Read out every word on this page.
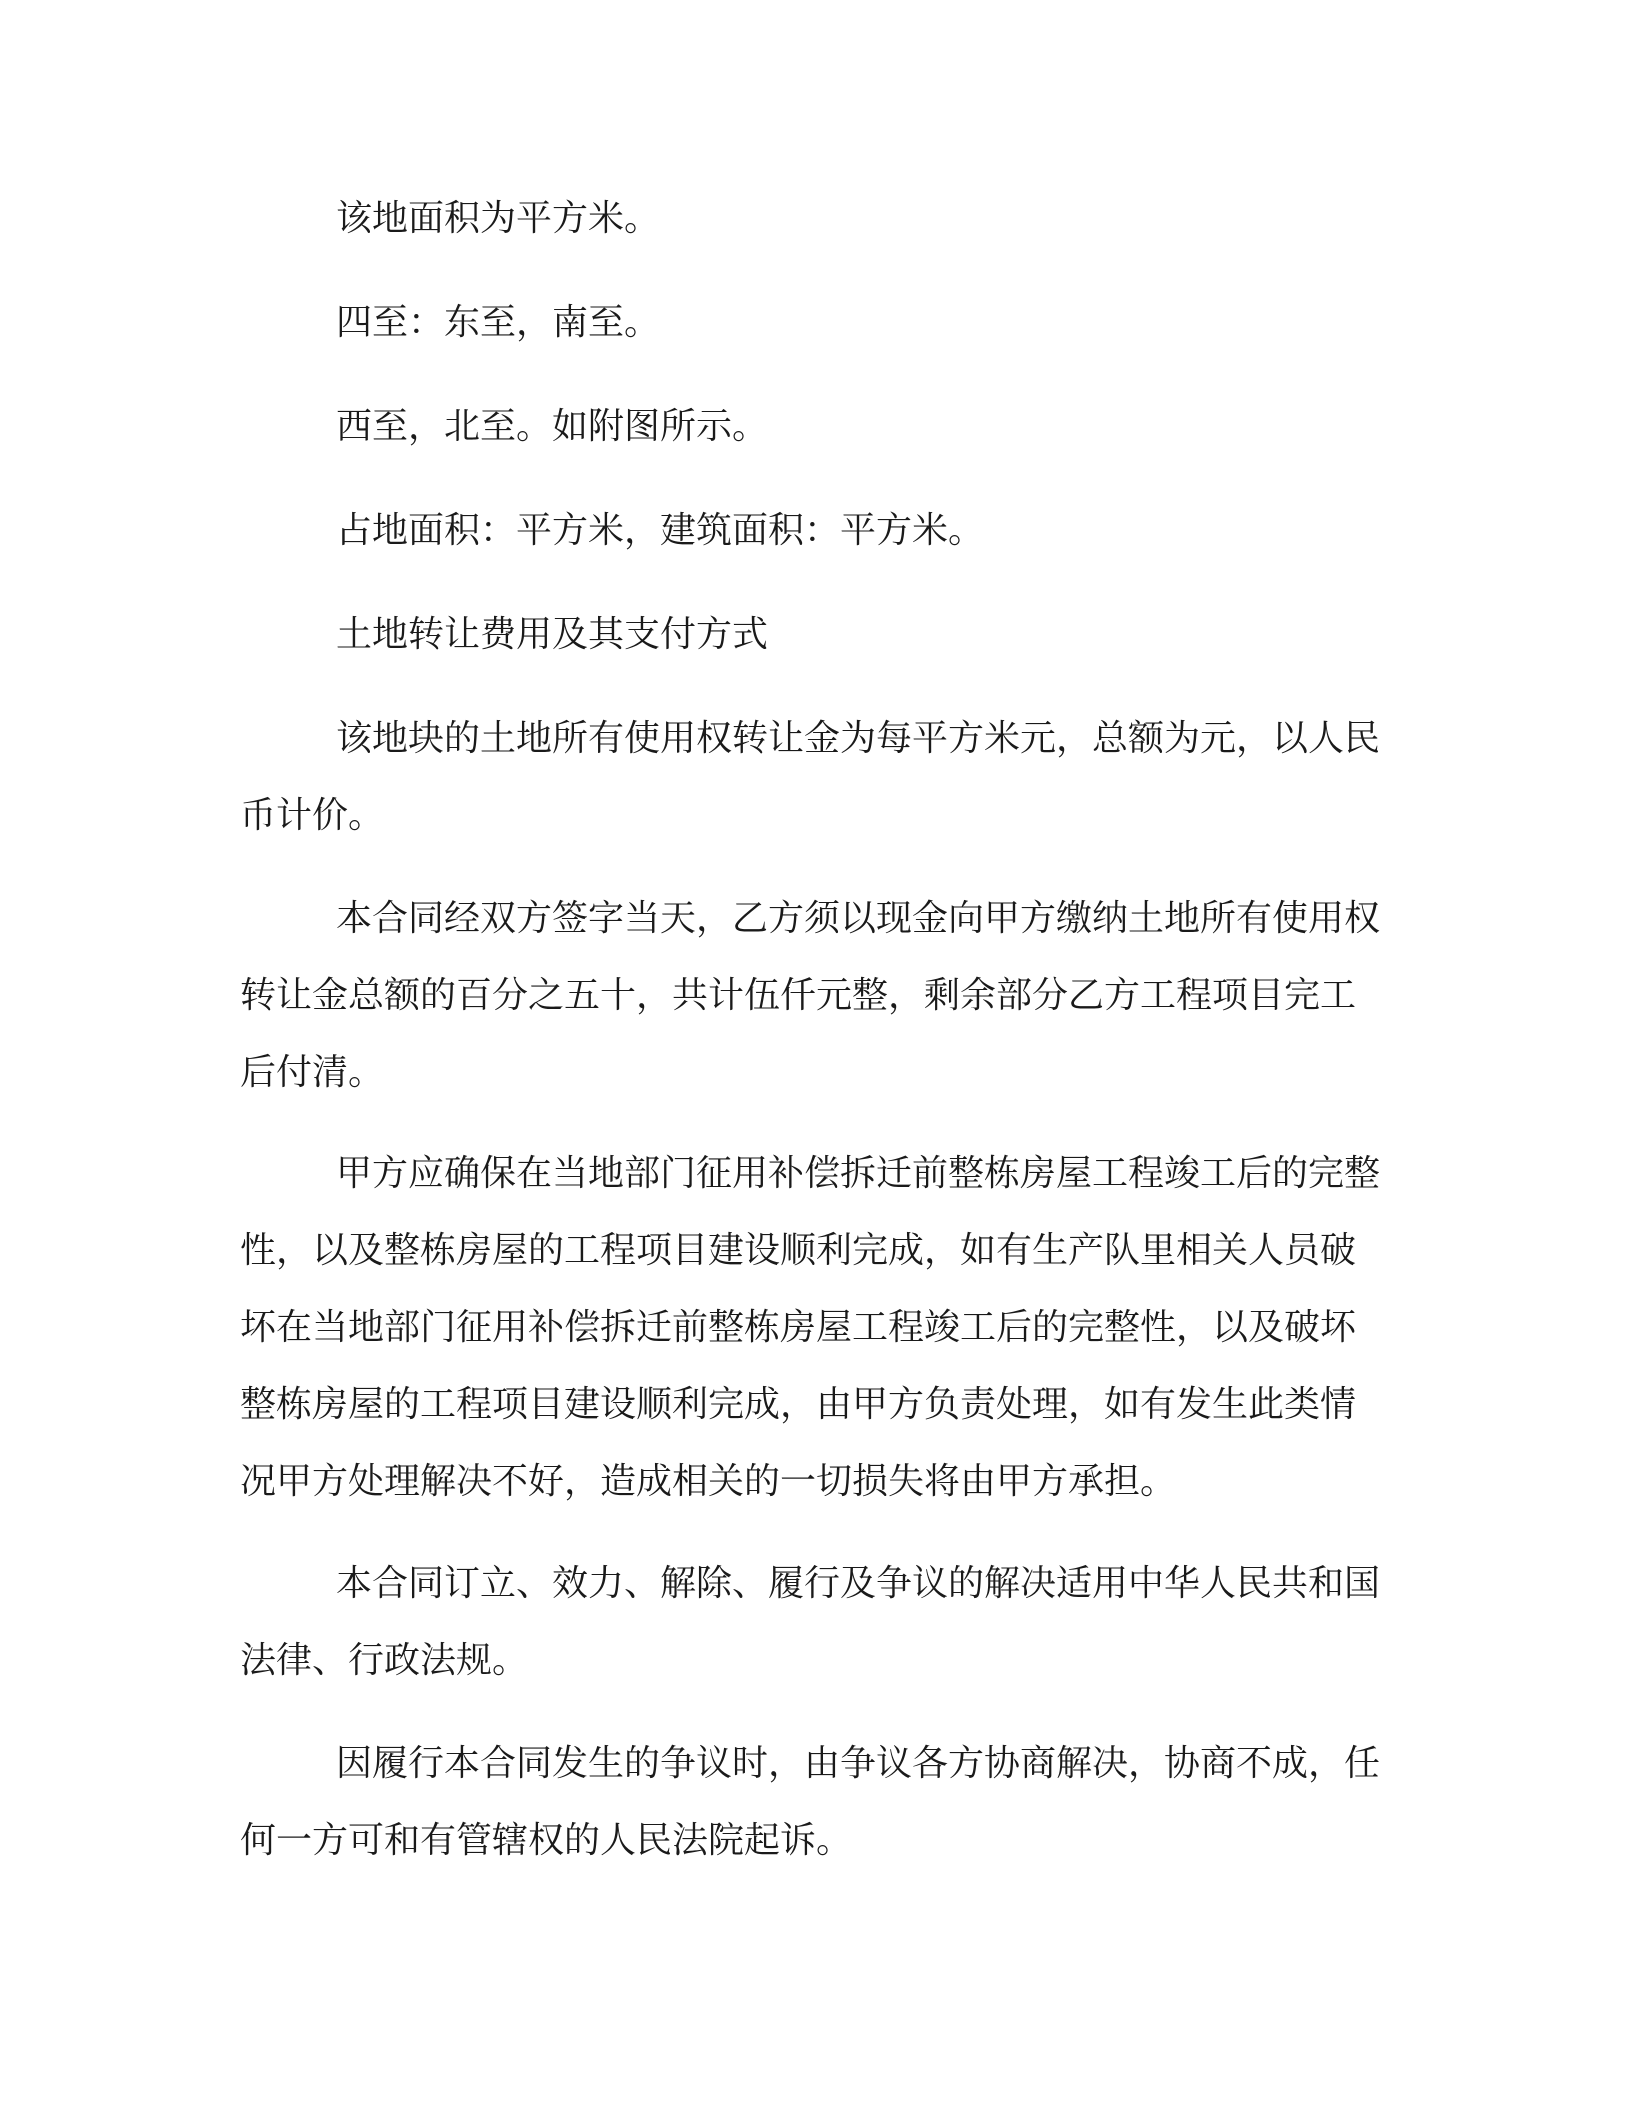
该地面积为平方米。

四至：东至，南至。

西至，北至。如附图所示。

占地面积：平方米，建筑面积：平方米。

土地转让费用及其支付方式

该地块的土地所有使用权转让金为每平方米元，总额为元，以人民币计价。

本合同经双方签字当天，乙方须以现金向甲方缴纳土地所有使用权转让金总额的百分之五十，共计伍仟元整，剩余部分乙方工程项目完工后付清。

甲方应确保在当地部门征用补偿拆迁前整栋房屋工程竣工后的完整性，以及整栋房屋的工程项目建设顺利完成，如有生产队里相关人员破坏在当地部门征用补偿拆迁前整栋房屋工程竣工后的完整性，以及破坏整栋房屋的工程项目建设顺利完成，由甲方负责处理，如有发生此类情况甲方处理解决不好，造成相关的一切损失将由甲方承担。

本合同订立、效力、解除、履行及争议的解决适用中华人民共和国法律、行政法规。

因履行本合同发生的争议时，由争议各方协商解决，协商不成，任何一方可和有管辖权的人民法院起诉。
